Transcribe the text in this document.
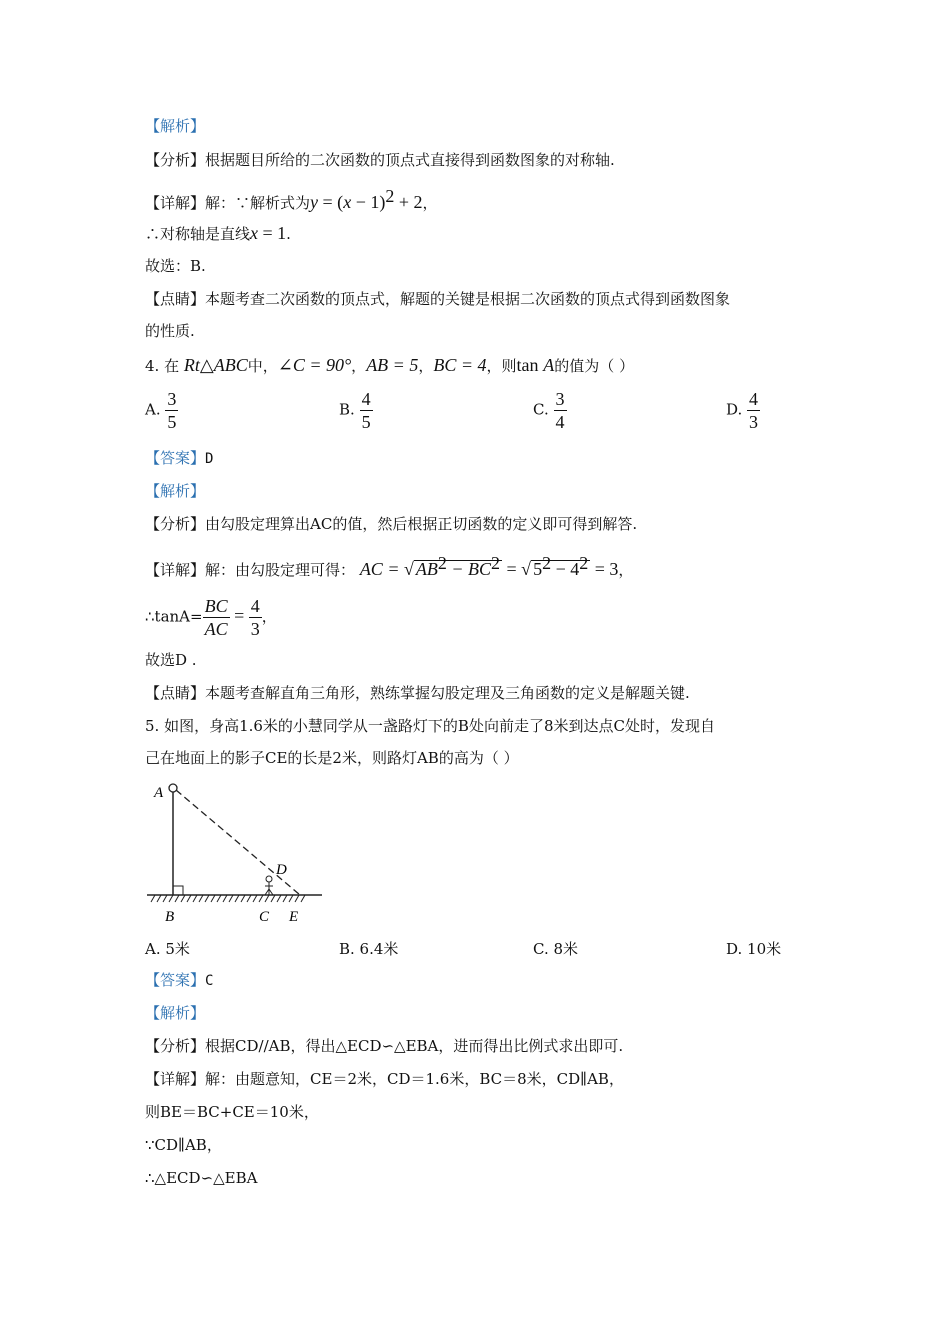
【解析】
【分析】根据题目所给的二次函数的顶点式直接得到函数图象的对称轴.
【详解】解：∵解析式为$y = (x - 1)^2 + 2$，
∴对称轴是直线x = 1.
故选：B.
【点睛】本题考查二次函数的顶点式，解题的关键是根据二次函数的顶点式得到函数图象
的性质.
4. 在 Rt△ABC中，∠C = 90°，AB = 5，BC = 4，则tan A的值为（ ）
A. $\frac{3}{5}$	B. $\frac{4}{5}$	C. $\frac{3}{4}$	D. $\frac{4}{3}$
【答案】D
【解析】
【分析】由勾股定理算出AC的值，然后根据正切函数的定义即可得到解答.
【详解】解：由勾股定理可得： AC = √ $AB^2 - BC^2$ = √ $5^2 - 4^2 = 3$，
∴tanA= $\frac{BC}{AC} = \frac{4}{3}$ ，
故选D .
【点睛】本题考查解直角三角形，熟练掌握勾股定理及三角函数的定义是解题关键.
5. 如图，身高1.6米的小慧同学从一盏路灯下的B处向前走了8米到达点C处时，发现自
己在地面上的影子CE的长是2米，则路灯AB的高为（ ）
A
B	C
D
E
A. 5米	B. 6.4米	C. 8米	D. 10米
【答案】C
【解析】
【分析】根据CD//AB，得出△ECD∽△EBA，进而得出比例式求出即可.
【详解】解：由题意知，CE＝2米，CD＝1.6米，BC＝8米，CD∥AB，
则BE＝BC+CE＝10米，
∵CD∥AB，
∴△ECD∽△EBA
